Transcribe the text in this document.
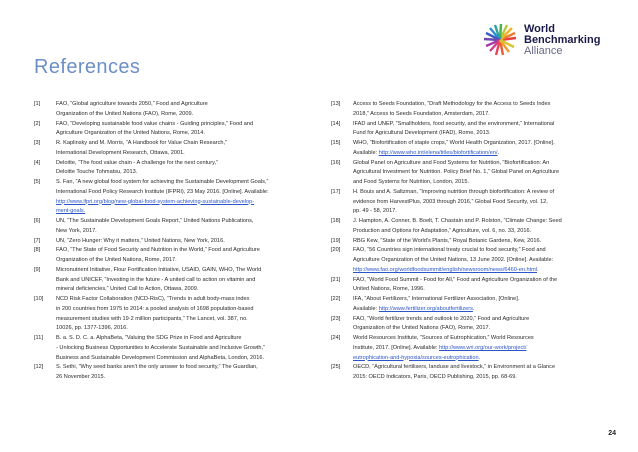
World
Benchmarking
Alliance
References
[1]	FAO, “Global agriculture towards 2050,” Food and Agriculture
Organization of the United Nations (FAO), Rome, 2009.
[2]	FAO, “Developing sustainable food value chains - Guiding principles,” Food and
Agriculture Organization of the United Nations, Rome, 2014.
[3]	R. Kaplinsky and M. Morris, “A Handbook for Value Chain Research,”
International Development Research, Ottawa, 2001.
[4]	Deloitte, “The food value chain - A challenge for the next century,”
Deloitte Touche Tohmatsu, 2013.
[5]	S. Fan, “A new global food system for achieving the Sustainable Development Goals,”
International Food Policy Research Institute (IFPRI), 23 May 2016. [Online]. Available:
http://www.ifpri.org/blog/new-global-food-system-achieving-sustainable-develop-
ment-goals.
[6]	UN, “The Sustainable Development Goals Report,” United Nations Publications,
New York, 2017.
[7]	UN, “Zero Hunger: Why it matters,” United Nations, New York, 2016.
[8]	FAO, “The State of Food Security and Nutrition in the World,” Food and Agriculture
Organization of the United Nations, Rome, 2017.
[9]	Micronutrient Initiative, Flour Fortification Initiative, USAID, GAIN, WHO, The World
Bank and UNICEF, “Investing in the future - A united call to action on vitamin and
mineral deficiencies,” United Call to Action, Ottawa, 2009.
[10]	NCD Risk Factor Collaboration (NCD-RisC), “Trends in adult body-mass index
in 200 countries from 1975 to 2014: a pooled analysis of 1698 population-based
measurement studies with 19·2 million participants,” The Lancet, vol. 387, no.
10026, pp. 1377-1396, 2016.
[11]	B. a. S. D. C. a. AlphaBeta, “Valuing the SDG Prize in Food and Agriculture
- Unlocking Business Opportunities to Accelerate Sustainable and Inclusive Growth,”
Business and Sustainable Development Commission and AlphaBeta, London, 2016.
[12]	S. Sethi, “Why seed banks aren't the only answer to food security,” The Guardian,
26 November 2015.
[13]	Access to Seeds Foundation, “Draft Methodology for the Access to Seeds Index
2018,” Access to Seeds Foundation, Amsterdam, 2017.
[14]	IFAD and UNEP, “Smallholders, food security, and the environment,” International
Fund for Agricultural Development (IFAD), Rome, 2013.
[15]	WHO, “Biofortification of staple crops,” World Health Organization, 2017. [Online].
Available: http://www.who.int/elena/titles/biofortification/en/.
[16]	Global Panel on Agriculture and Food Systems for Nutrition, “Biofortification: An
Agricultural Investment for Nutrition. Policy Brief No. 1,” Global Panel on Agriculture
and Food Systems for Nutrition, London, 2015.
[17]	H. Bouis and A. Saltzman, “Improving nutrition through biofortification: A review of
evidence from HarvestPlus, 2003 through 2016,” Global Food Security, vol. 12,
pp. 49 - 58, 2017.
[18]	J. Hampton, A. Conner, B. Boelt, T. Chastain and P. Rolston, “Climate Change: Seed
Production and Options for Adaptation,” Agriculture, vol. 6, no. 33, 2016.
[19]	RBG Kew, “State of the World's Plants,” Royal Botanic Gardens, Kew, 2016.
[20]	FAO, “56 Countries sign international treaty crucial to food security,” Food and
Agriculture Organization of the United Nations, 13 June 2002. [Online]. Available:
http://www.fao.org/worldfoodsummit/english/newsroom/news/6460-en.html.
[21]	FAO, “World Food Summit - Food for All,” Food and Agriculture Organization of the
United Nations, Rome, 1996.
[22]	IFA, “About Fertilizers,” International Fertilizer Association, [Online].
Available: http://www.fertilizer.org/aboutfertilizers.
[23]	FAO, “World fertilizer trends and outlook to 2020,” Food and Agriculture
Organization of the United Nations (FAO), Rome, 2017.
[24]	World Resources Institute, “Sources of Eutrophication,” World Resources
Institute, 2017. [Online]. Available: http://www.wri.org/our-work/project/
eutrophication-and-hypoxia/sources-eutrophication.
[25]	OECD, “Agricultural fertilisers, landuse and livestock,” in Environment at a Glance
2015: OECD Indicators, Paris, OECD Publishing, 2015, pp. 68-69.
24
